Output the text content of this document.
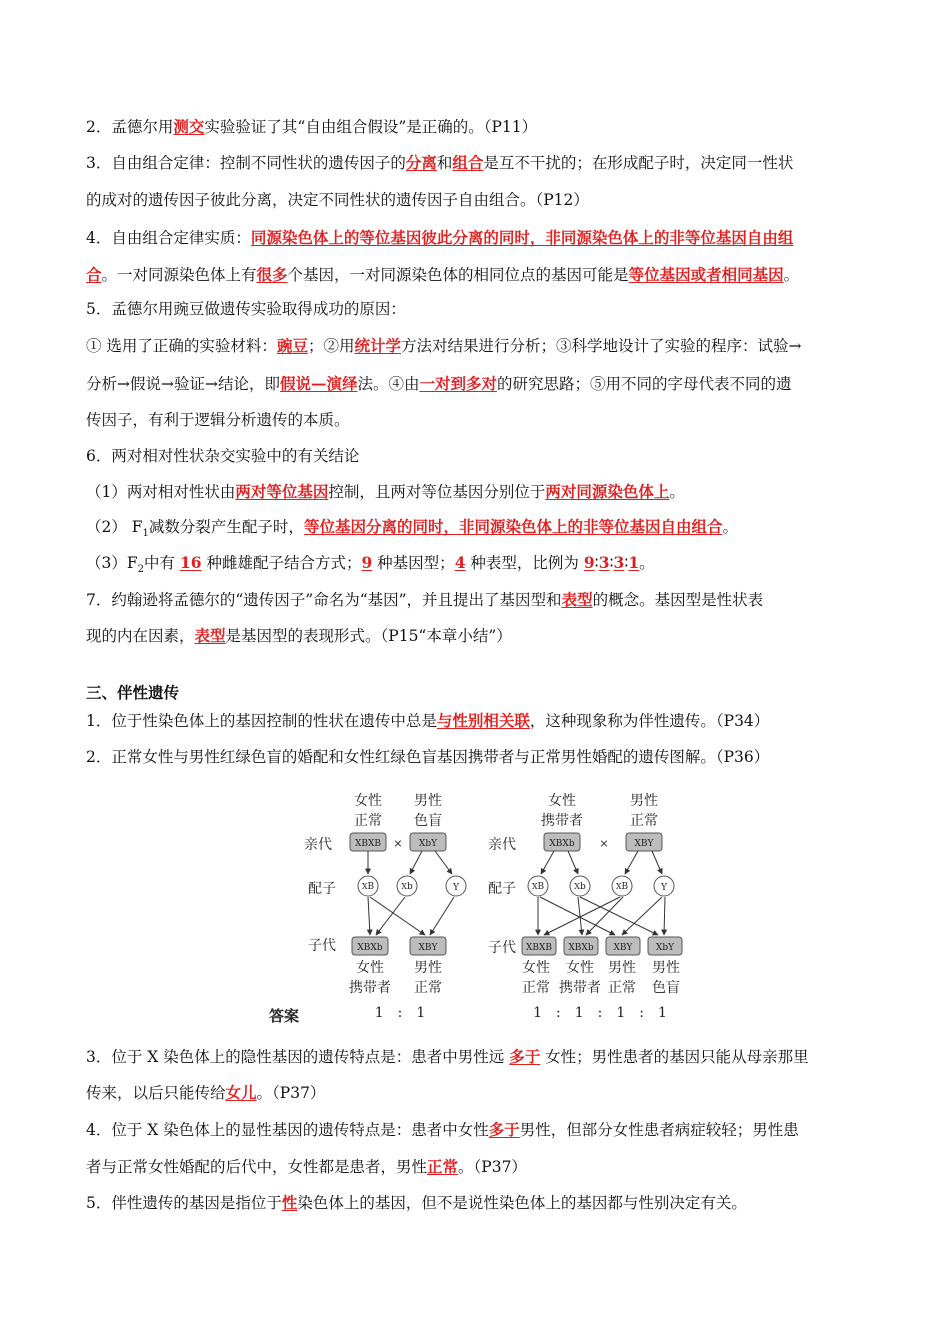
2．孟德尔用测交实验验证了其“自由组合假设”是正确的。（P11）
3．自由组合定律：控制不同性状的遗传因子的分离和组合是互不干扰的；在形成配子时，决定同一性状
的成对的遗传因子彼此分离，决定不同性状的遗传因子自由组合。（P12）
4．自由组合定律实质：同源染色体上的等位基因彼此分离的同时，非同源染色体上的非等位基因自由组
合。一对同源染色体上有很多个基因，一对同源染色体的相同位点的基因可能是等位基因或者相同基因。
5．孟德尔用豌豆做遗传实验取得成功的原因：
① 选用了正确的实验材料：豌豆；②用统计学方法对结果进行分析；③科学地设计了实验的程序：试验→
分析→假说→验证→结论，即假说—演绎法。④由一对到多对的研究思路；⑤用不同的字母代表不同的遗
传因子，有利于逻辑分析遗传的本质。
6．两对相对性状杂交实验中的有关结论
（1）两对相对性状由两对等位基因控制，且两对等位基因分别位于两对同源染色体上。
（2） $F_1$减数分裂产生配子时，等位基因分离的同时，非同源染色体上的非等位基因自由组合。
$(3)F_2$中有 16 种雌雄配子结合方式；9 种基因型；4 种表型，比例为 9∶3∶3∶1。
7．约翰逊将孟德尔的“遗传因子”命名为“基因”，并且提出了基因型和表型的概念。基因型是性状表
现的内在因素，表型是基因型的表现形式。（P15“本章小结”）
三、伴性遗传
1．位于性染色体上的基因控制的性状在遗传中总是与性别相关联，这种现象称为伴性遗传。（P34）
2．正常女性与男性红绿色盲的婚配和女性红绿色盲基因携带者与正常男性婚配的遗传图解。（P36）
女性
正常
男性
色盲
亲代
配子
子代
XBXB × XbY
XB	Xb	Y
XBXb	XBY
女性
携带者
男性
正常
1　:　1
答案
女性
携带者
男性
正常
亲代
配子
子代
XBXb ×	XBY
XB	Xb	XB	Y
XBXB XBXb XBY	XbY
女性
正常
女性
携带者
男性
正常
男性
色盲
1　:　1　:　1　:　1
3．位于 X 染色体上的隐性基因的遗传特点是：患者中男性远 多于 女性；男性患者的基因只能从母亲那里
传来，以后只能传给女儿。（P37）
4．位于 X 染色体上的显性基因的遗传特点是：患者中女性多于男性，但部分女性患者病症较轻；男性患
者与正常女性婚配的后代中，女性都是患者，男性正常。（P37）
5．伴性遗传的基因是指位于性染色体上的基因，但不是说性染色体上的基因都与性别决定有关。
